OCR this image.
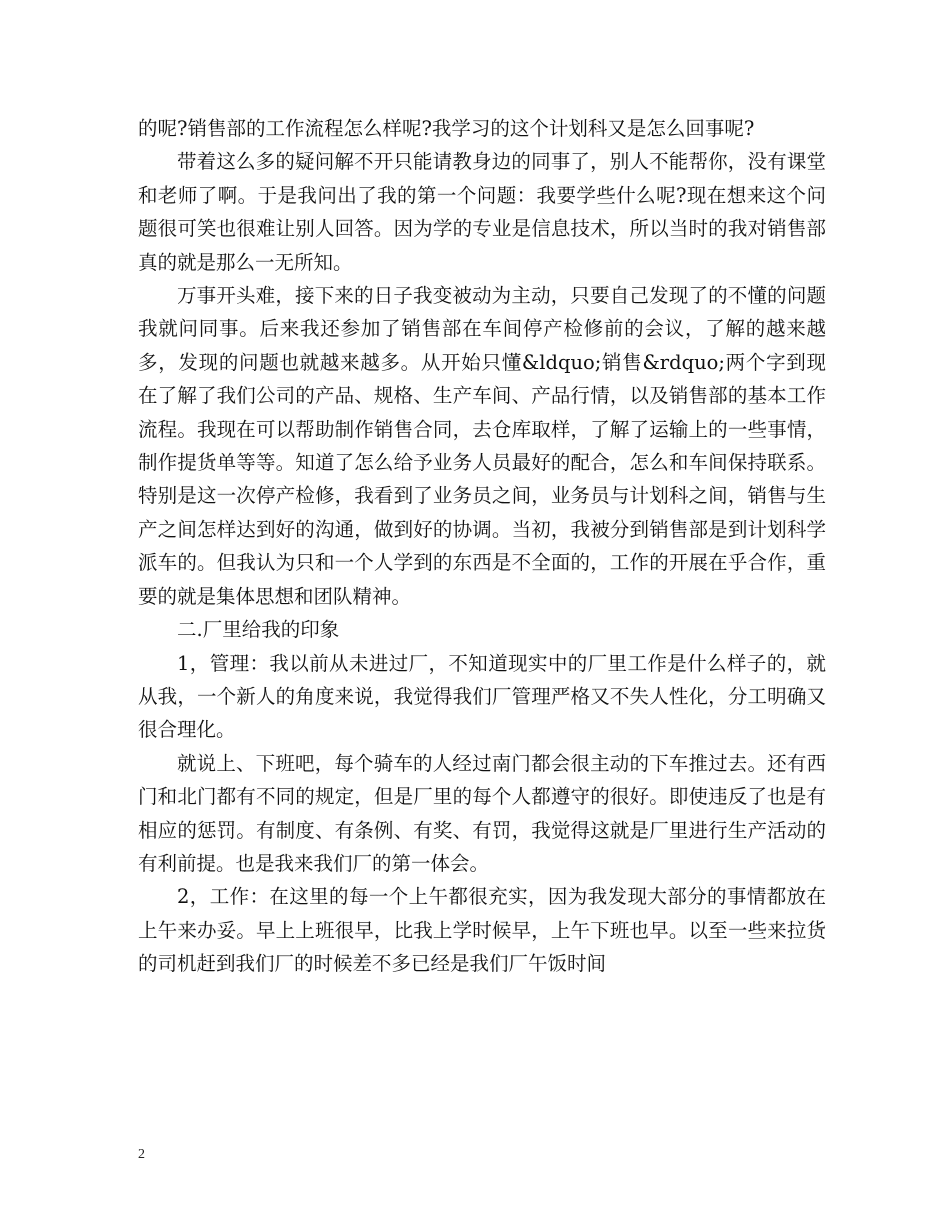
的呢?销售部的工作流程怎么样呢?我学习的这个计划科又是怎么回事呢?

带着这么多的疑问解不开只能请教身边的同事了，别人不能帮你，没有课堂和老师了啊。于是我问出了我的第一个问题：我要学些什么呢?现在想来这个问题很可笑也很难让别人回答。因为学的专业是信息技术，所以当时的我对销售部真的就是那么一无所知。

万事开头难，接下来的日子我变被动为主动，只要自己发现了的不懂的问题我就问同事。后来我还参加了销售部在车间停产检修前的会议，了解的越来越多，发现的问题也就越来越多。从开始只懂&ldquo;销售&rdquo;两个字到现在了解了我们公司的产品、规格、生产车间、产品行情，以及销售部的基本工作流程。我现在可以帮助制作销售合同，去仓库取样，了解了运输上的一些事情，制作提货单等等。知道了怎么给予业务人员最好的配合，怎么和车间保持联系。特别是这一次停产检修，我看到了业务员之间，业务员与计划科之间，销售与生产之间怎样达到好的沟通，做到好的协调。当初，我被分到销售部是到计划科学派车的。但我认为只和一个人学到的东西是不全面的，工作的开展在乎合作，重要的就是集体思想和团队精神。

二.厂里给我的印象

1，管理：我以前从未进过厂，不知道现实中的厂里工作是什么样子的，就从我，一个新人的角度来说，我觉得我们厂管理严格又不失人性化，分工明确又很合理化。

就说上、下班吧，每个骑车的人经过南门都会很主动的下车推过去。还有西门和北门都有不同的规定，但是厂里的每个人都遵守的很好。即使违反了也是有相应的惩罚。有制度、有条例、有奖、有罚，我觉得这就是厂里进行生产活动的有利前提。也是我来我们厂的第一体会。

2，工作：在这里的每一个上午都很充实，因为我发现大部分的事情都放在上午来办妥。早上上班很早，比我上学时候早，上午下班也早。以至一些来拉货的司机赶到我们厂的时候差不多已经是我们厂午饭时间

2
